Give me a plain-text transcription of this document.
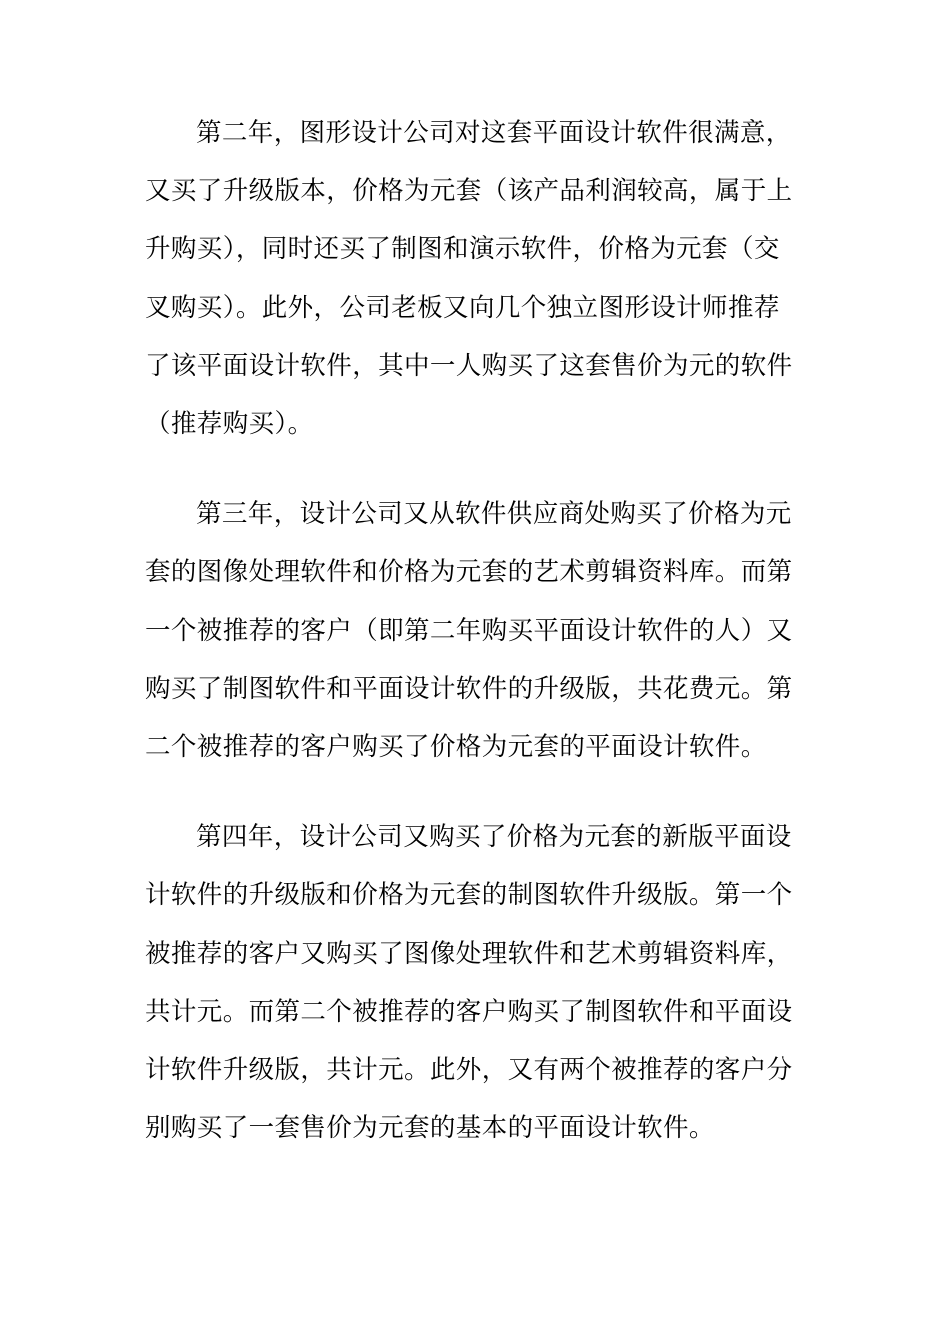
第二年，图形设计公司对这套平面设计软件很满意，
又买了升级版本，价格为元套（该产品利润较高，属于上
升购买），同时还买了制图和演示软件，价格为元套（交
叉购买）。此外，公司老板又向几个独立图形设计师推荐
了该平面设计软件，其中一人购买了这套售价为元的软件
（推荐购买）。

第三年，设计公司又从软件供应商处购买了价格为元
套的图像处理软件和价格为元套的艺术剪辑资料库。而第
一个被推荐的客户（即第二年购买平面设计软件的人）又
购买了制图软件和平面设计软件的升级版，共花费元。第
二个被推荐的客户购买了价格为元套的平面设计软件。

第四年，设计公司又购买了价格为元套的新版平面设
计软件的升级版和价格为元套的制图软件升级版。第一个
被推荐的客户又购买了图像处理软件和艺术剪辑资料库，
共计元。而第二个被推荐的客户购买了制图软件和平面设
计软件升级版，共计元。此外，又有两个被推荐的客户分
别购买了一套售价为元套的基本的平面设计软件。
